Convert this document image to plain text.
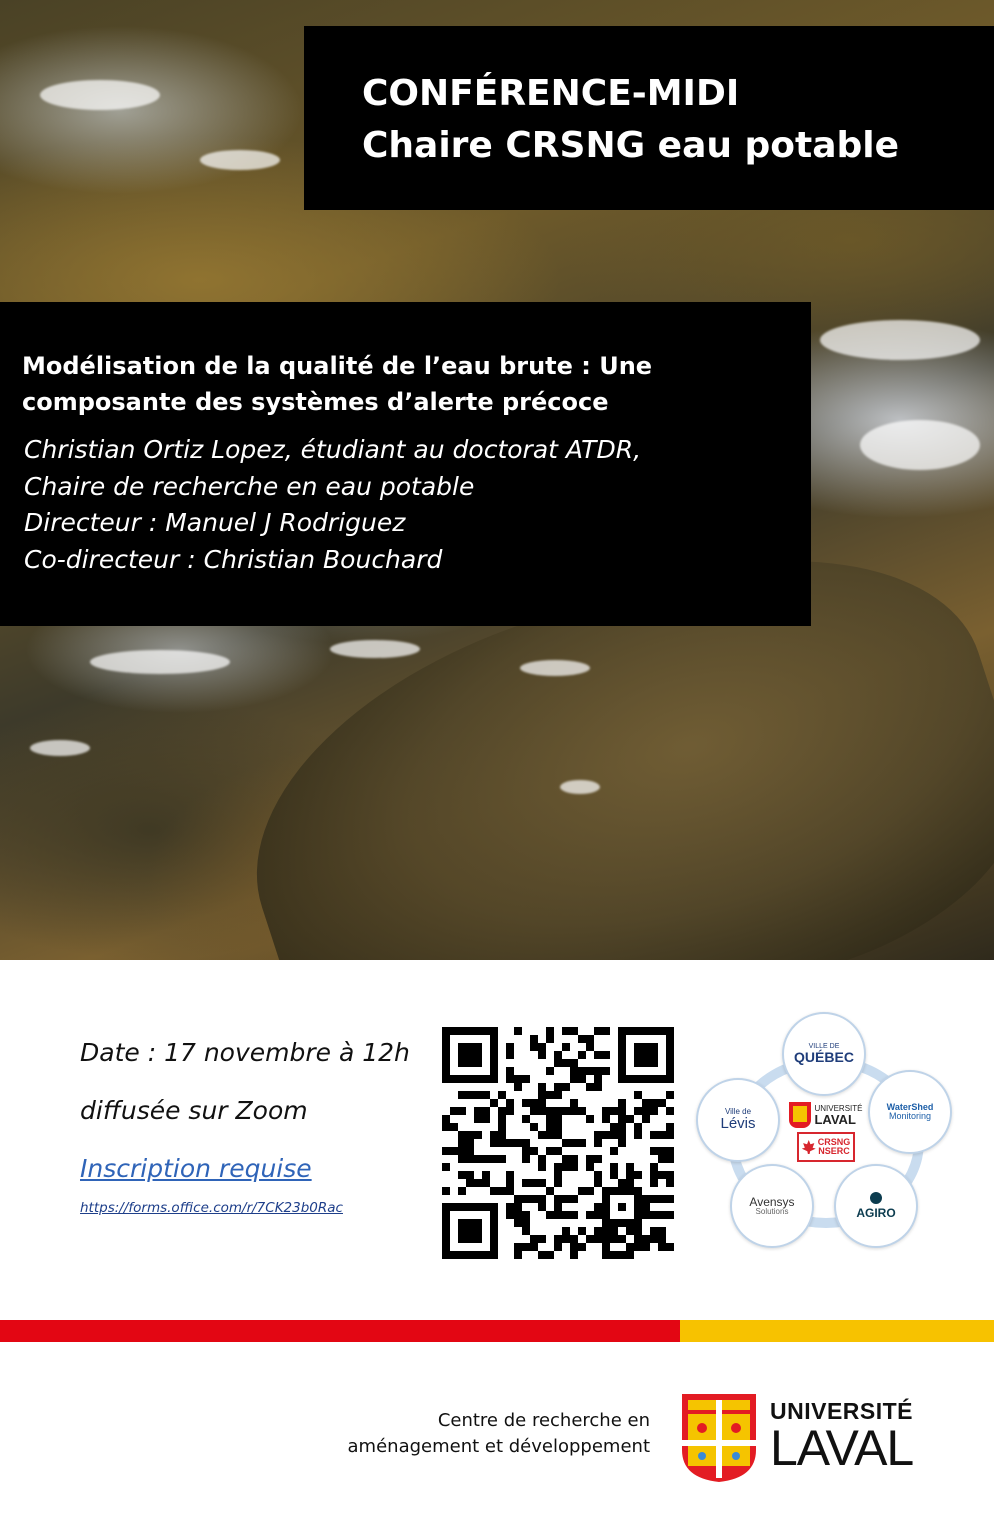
CONFÉRENCE-MIDI
Chaire CRSNG eau potable
Modélisation de la qualité de l’eau brute : Une
composante des systèmes d’alerte précoce
Christian Ortiz Lopez, étudiant au doctorat ATDR,
Chaire de recherche en eau potable
Directeur : Manuel J Rodriguez
Co-directeur : Christian Bouchard
Date : 17 novembre à 12h
diffusée sur Zoom
Inscription requise
https://forms.office.com/r/7CK23b0Rac
VILLE DE
QUÉBEC
Ville de
Lévis
WaterShed
Monitoring
Avensys
Solutions	AGIRO
UNIVERSITÉ
LAVAL
CRSNG
NSERC
Centre de recherche en
aménagement et développement
UNIVERSITÉ
LAVAL
